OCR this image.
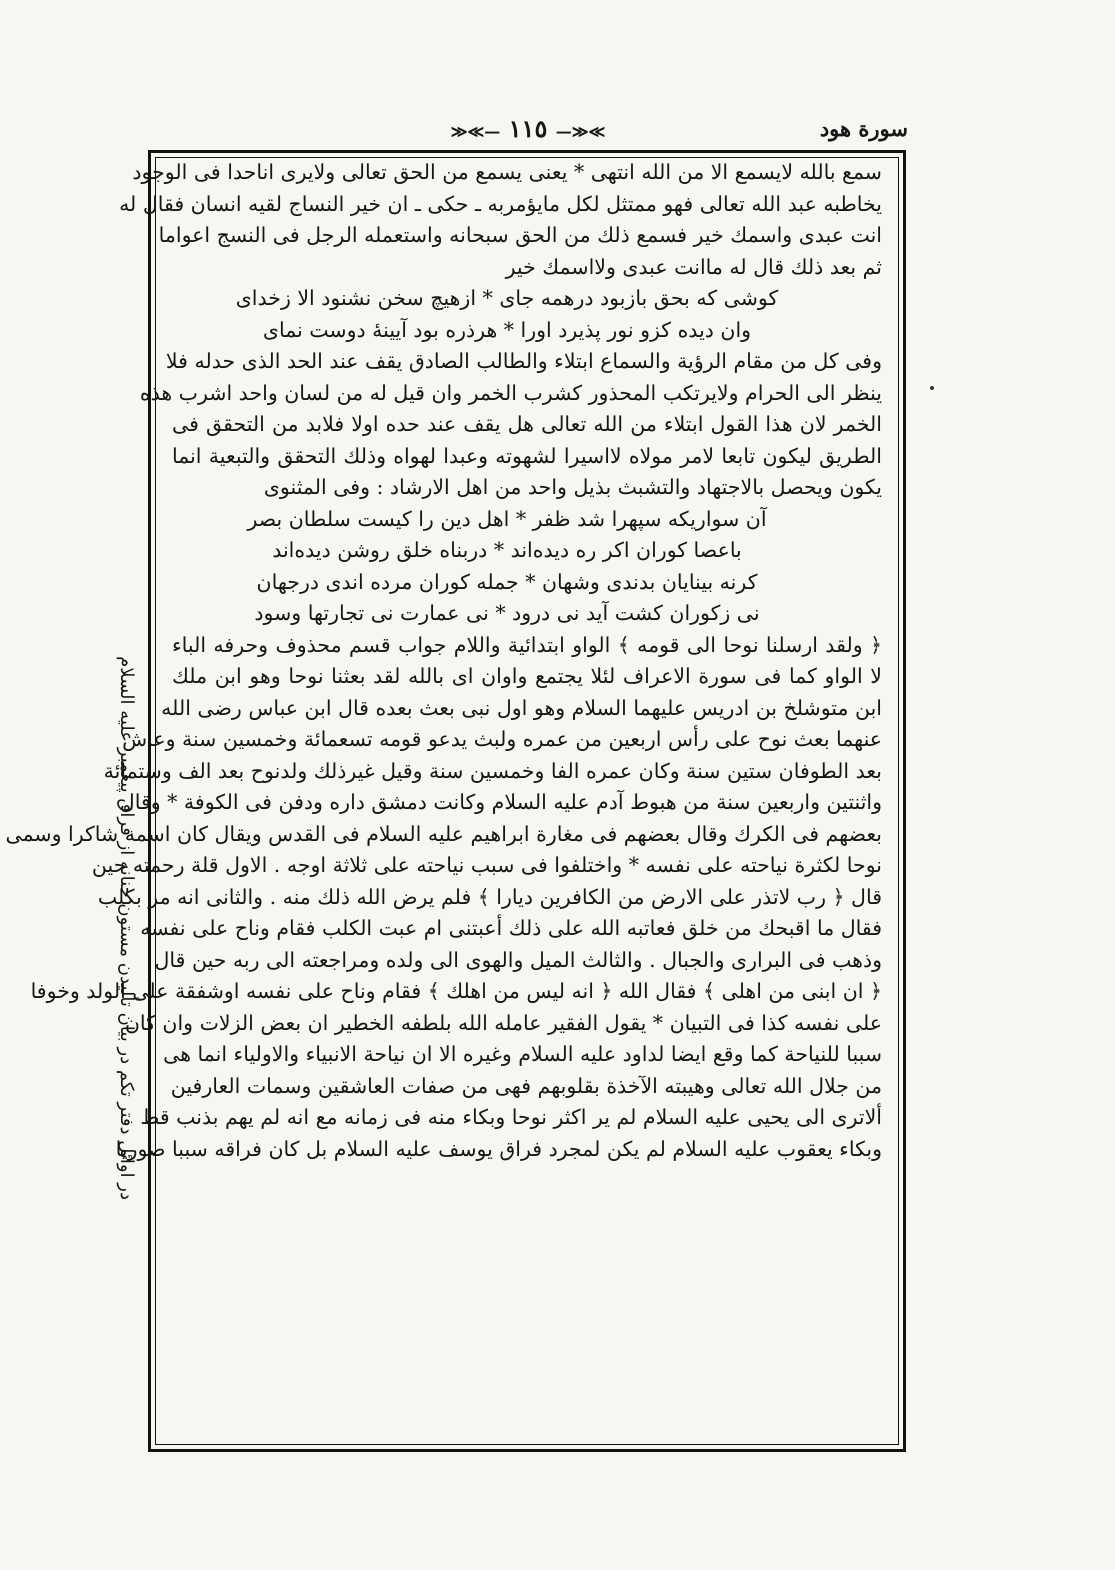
سورة هود
≫≪— ١١٥ —≫≪
در اوائل دفتر تكم در بيان تأليدن مستون حنانه از فراق پيغمبر عليه السلام
سمع بالله لايسمع الا من الله انتهى * يعنى يسمع من الحق تعالى ولايرى اناحدا فى الوجود
يخاطبه عبد الله تعالى فهو ممتثل لكل مايؤمربه ـ حكى ـ ان خير النساج لقيه انسان فقال له
انت عبدى واسمك خير فسمع ذلك من الحق سبحانه واستعمله الرجل فى النسج اعواما
ثم بعد ذلك قال له ماانت عبدى ولااسمك خير
كوشى كه بحق بازبود درهمه جاى * ازهيچ سخن نشنود الا زخداى
وان ديده كزو نور پذيرد اورا * هرذره بود آيينهٔ دوست نماى
وفى كل من مقام الرؤية والسماع ابتلاء والطالب الصادق يقف عند الحد الذى حدله فلا
ينظر الى الحرام ولايرتكب المحذور كشرب الخمر وان قيل له من لسان واحد اشرب هذه
الخمر لان هذا القول ابتلاء من الله تعالى هل يقف عند حده اولا فلابد من التحقق فى
الطريق ليكون تابعا لامر مولاه لااسيرا لشهوته وعبدا لهواه وذلك التحقق والتبعية انما
يكون ويحصل بالاجتهاد والتشبث بذيل واحد من اهل الارشاد : وفى المثنوى
آن سواريكه سپهرا شد ظفر * اهل دين را كيست سلطان بصر
باعصا كوران اكر ره ديده‌اند * دربناه خلق روشن ديده‌اند
كرنه بينايان بدندى وشهان * جمله كوران مرده اندى درجهان
نى زكوران كشت آيد نى درود * نى عمارت نى تجارتها وسود
﴿ ولقد ارسلنا نوحا الى قومه ﴾ الواو ابتدائية واللام جواب قسم محذوف وحرفه الباء
لا الواو كما فى سورة الاعراف لئلا يجتمع واوان اى بالله لقد بعثنا نوحا وهو ابن ملك
ابن متوشلخ بن ادريس عليهما السلام وهو اول نبى بعث بعده قال ابن عباس رضى الله
عنهما بعث نوح على رأس اربعين من عمره ولبث يدعو قومه تسعمائة وخمسين سنة وعاش
بعد الطوفان ستين سنة وكان عمره الفا وخمسين سنة وقيل غيرذلك ولدنوح بعد الف وستمائة
واثنتين واربعين سنة من هبوط آدم عليه السلام وكانت دمشق داره ودفن فى الكوفة * وقال
بعضهم فى الكرك وقال بعضهم فى مغارة ابراهيم عليه السلام فى القدس ويقال كان اسمه شاكرا وسمى
نوحا لكثرة نياحته على نفسه * واختلفوا فى سبب نياحته على ثلاثة اوجه . الاول قلة رحمته حين
قال ﴿ رب لاتذر على الارض من الكافرين ديارا ﴾ فلم يرض الله ذلك منه . والثانى انه مر بكلب
فقال ما اقبحك من خلق فعاتبه الله على ذلك أعبتنى ام عبت الكلب فقام وناح على نفسه
وذهب فى البرارى والجبال . والثالث الميل والهوى الى ولده ومراجعته الى ربه حين قال
﴿ ان ابنى من اهلى ﴾ فقال الله ﴿ انه ليس من اهلك ﴾ فقام وناح على نفسه اوشفقة على الولد وخوفا
على نفسه كذا فى التبيان * يقول الفقير عامله الله بلطفه الخطير ان بعض الزلات وان كان
سببا للنياحة كما وقع ايضا لداود عليه السلام وغيره الا ان نياحة الانبياء والاولياء انما هى
من جلال الله تعالى وهيبته الآخذة بقلوبهم فهى من صفات العاشقين وسمات العارفين
ألاترى الى يحيى عليه السلام لم ير اكثر نوحا وبكاء منه فى زمانه مع انه لم يهم بذنب قط
وبكاء يعقوب عليه السلام لم يكن لمجرد فراق يوسف عليه السلام بل كان فراقه سببا صوريا
